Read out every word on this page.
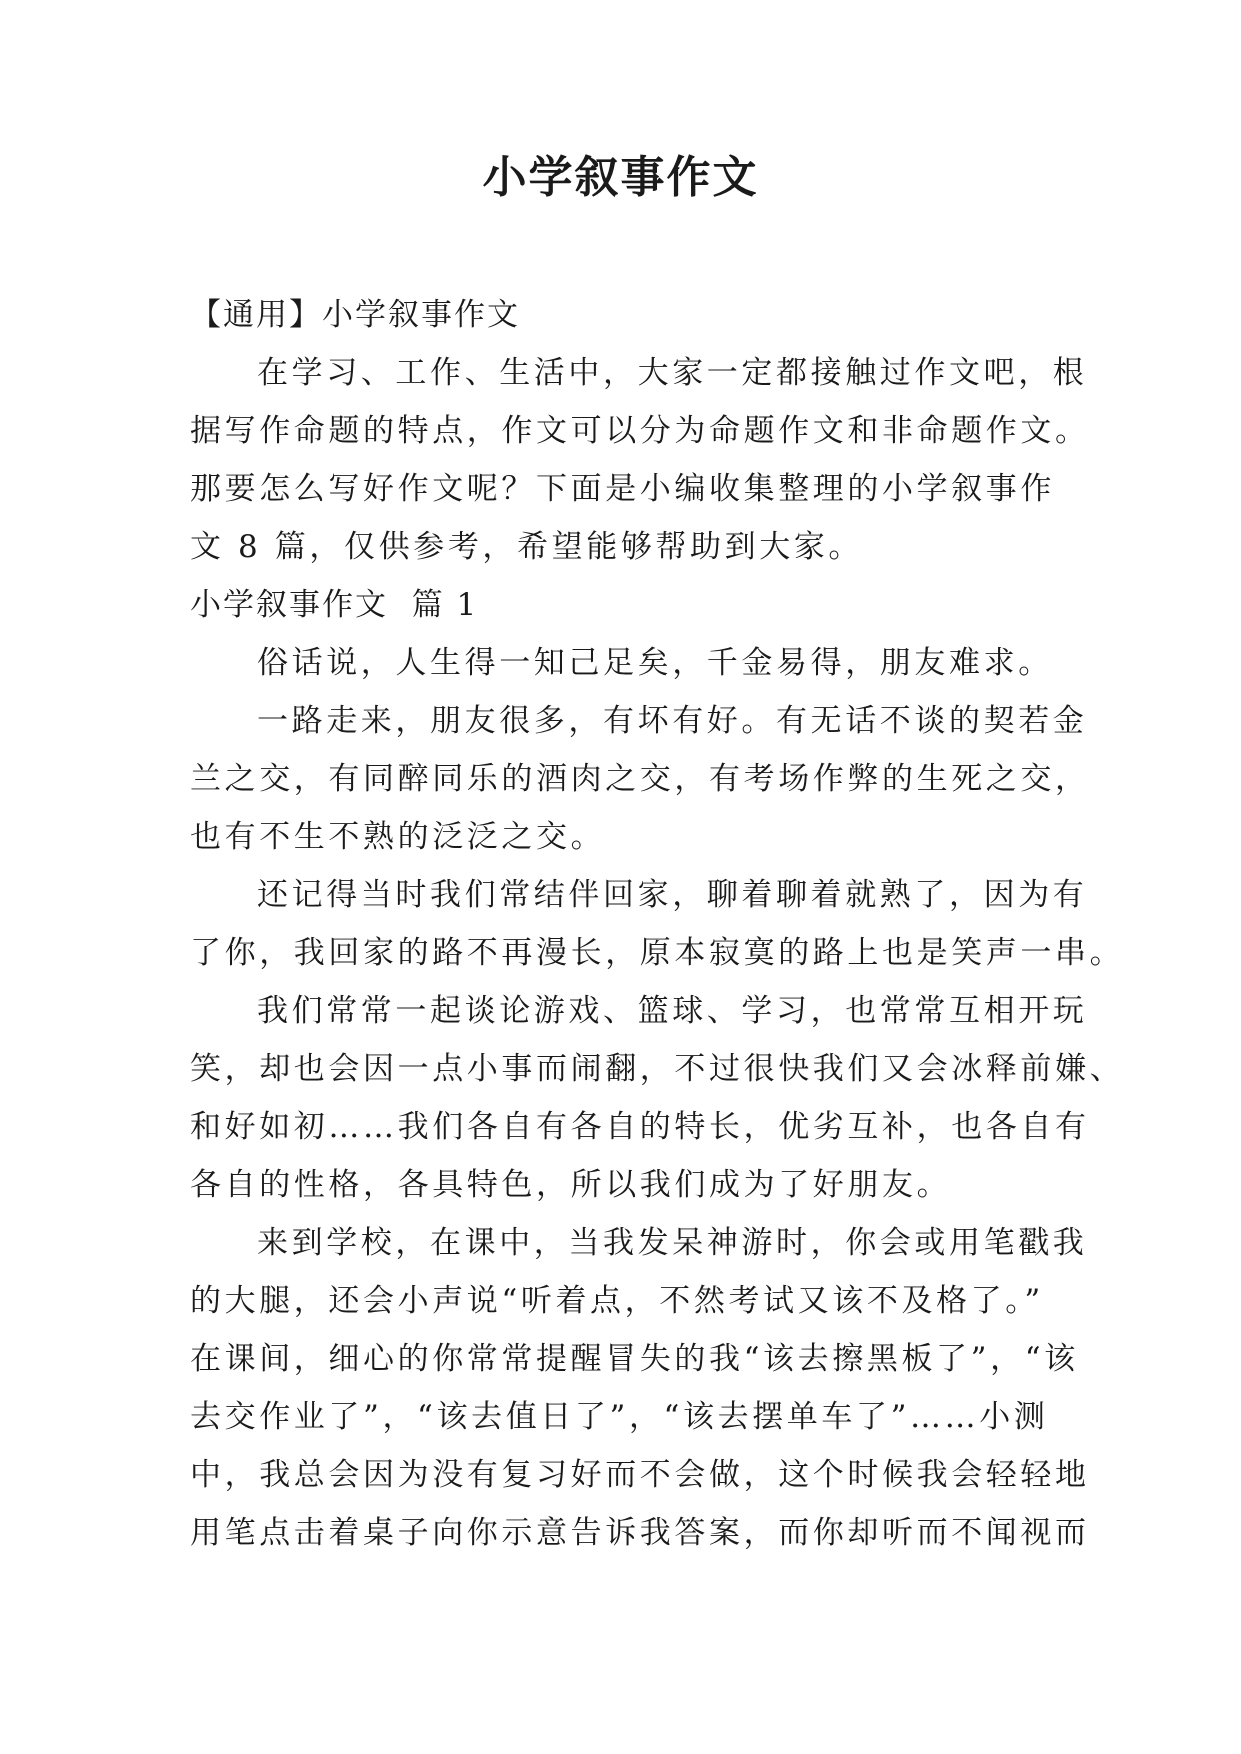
小学叙事作文

【通用】小学叙事作文

在学习、工作、生活中，大家一定都接触过作文吧，根

据写作命题的特点，作文可以分为命题作文和非命题作文。

那要怎么写好作文呢？下面是小编收集整理的小学叙事作

文 8 篇，仅供参考，希望能够帮助到大家。

小学叙事作文  篇 1

俗话说，人生得一知己足矣，千金易得，朋友难求。

一路走来，朋友很多，有坏有好。有无话不谈的契若金

兰之交，有同醉同乐的酒肉之交，有考场作弊的生死之交，

也有不生不熟的泛泛之交。

还记得当时我们常结伴回家，聊着聊着就熟了，因为有

了你，我回家的路不再漫长，原本寂寞的路上也是笑声一串。

我们常常一起谈论游戏、篮球、学习，也常常互相开玩

笑，却也会因一点小事而闹翻，不过很快我们又会冰释前嫌、

和好如初……我们各自有各自的特长，优劣互补，也各自有

各自的性格，各具特色，所以我们成为了好朋友。

来到学校，在课中，当我发呆神游时，你会或用笔戳我

的大腿，还会小声说“听着点，不然考试又该不及格了。”

在课间，细心的你常常提醒冒失的我“该去擦黑板了”，“该

去交作业了”，“该去值日了”，“该去摆单车了”……小测

中，我总会因为没有复习好而不会做，这个时候我会轻轻地

用笔点击着桌子向你示意告诉我答案，而你却听而不闻视而
